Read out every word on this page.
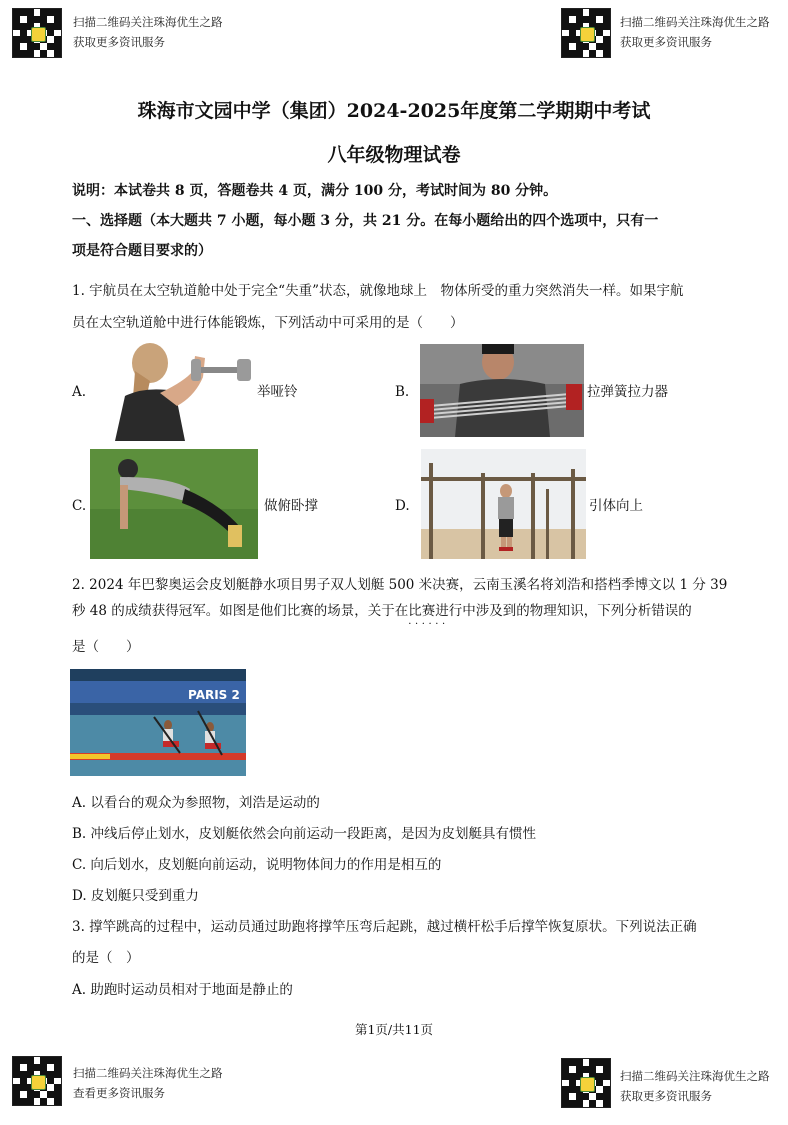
扫描二维码关注珠海优生之路
获取更多资讯服务
扫描二维码关注珠海优生之路
获取更多资讯服务
珠海市文园中学（集团）2024-2025年度第二学期期中考试
八年级物理试卷
说明：本试卷共 8 页，答题卷共 4 页，满分 100 分，考试时间为 80 分钟。
一、选择题（本大题共 7 小题，每小题 3 分，共 21 分。在每小题给出的四个选项中，只有一
项是符合题目要求的）
1. 宇航员在太空轨道舱中处于完全“失重”状态，就像地球上　物体所受的重力突然消失一样。如果宇航
员在太空轨道舱中进行体能锻炼，下列活动中可采用的是（　　）
A.	举哑铃	B.	拉弹簧拉力器
C.	做俯卧撑	D.	引体向上
2. 2024 年巴黎奥运会皮划艇静水项目男子双人划艇 500 米决赛，云南玉溪名将刘浩和搭档季博文以 1 分 39
秒 48 的成绩获得冠军。如图是他们比赛的场景，关于在比赛进行中 · · ·涉及到的物理知识，下列分析错误的
是（　　）
PARIS 2
A. 以看台的观众为参照物，刘浩是运动的
B. 冲线后停止划水，皮划艇依然会向前运动一段距离，是因为皮划艇具有惯性
C. 向后划水，皮划艇向前运动，说明物体间力的作用是相互的
D. 皮划艇只受到重力
3. 撑竿跳高的过程中，运动员通过助跑将撑竿压弯后起跳，越过横杆松手后撑竿恢复原状。下列说法正确
的是（　）
A. 助跑时运动员相对于地面是静止的
第1页/共11页
扫描二维码关注珠海优生之路
查看更多资讯服务
扫描二维码关注珠海优生之路
获取更多资讯服务
